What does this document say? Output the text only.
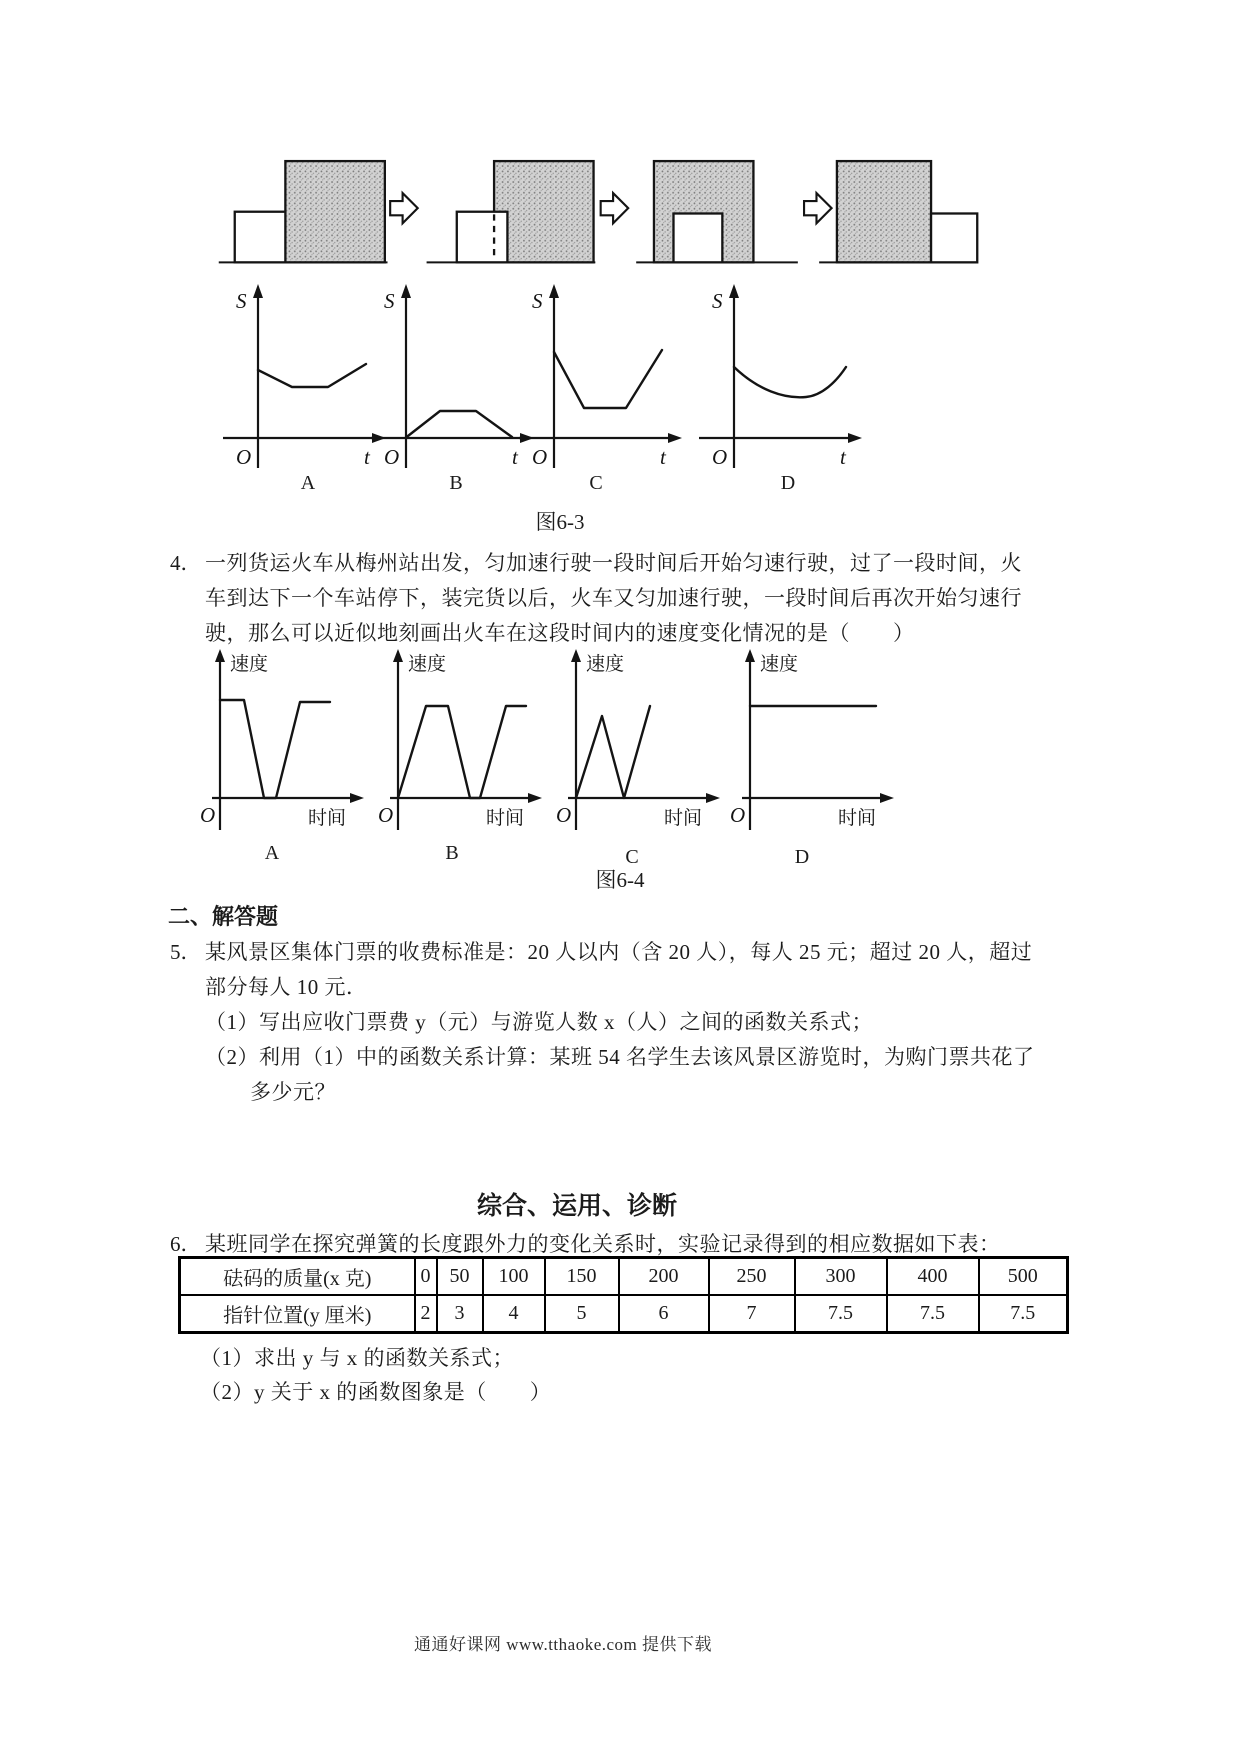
S
t
O
S
t
O
S
t
O
S
t
O
A	B	C	D
图6-3
4． 一列货运火车从梅州站出发，匀加速行驶一段时间后开始匀速行驶，过了一段时间，火
车到达下一个车站停下，装完货以后，火车又匀加速行驶，一段时间后再次开始匀速行
驶，那么可以近似地刻画出火车在这段时间内的速度变化情况的是（　　）
速度
时间
O
速度
时间
O
速度
时间
O
速度
时间
O
A	B	C	D
图6-4
二、解答题
5． 某风景区集体门票的收费标准是：20 人以内（含 20 人），每人 25 元；超过 20 人，超过
部分每人 10 元．
（1）写出应收门票费 y（元）与游览人数 x（人）之间的函数关系式；
（2）利用（1）中的函数关系计算：某班 54 名学生去该风景区游览时，为购门票共花了
多少元？
综合、运用、诊断
6． 某班同学在探究弹簧的长度跟外力的变化关系时，实验记录得到的相应数据如下表：
砝码的质量(x 克)	0	50	100	150	200	250	300	400	500
指针位置(y 厘米)	2	3	4	5	6	7	7.5	7.5	7.5
（1）求出 y 与 x 的函数关系式；
（2）y 关于 x 的函数图象是（　　）
通通好课网 www.tthaoke.com 提供下载
